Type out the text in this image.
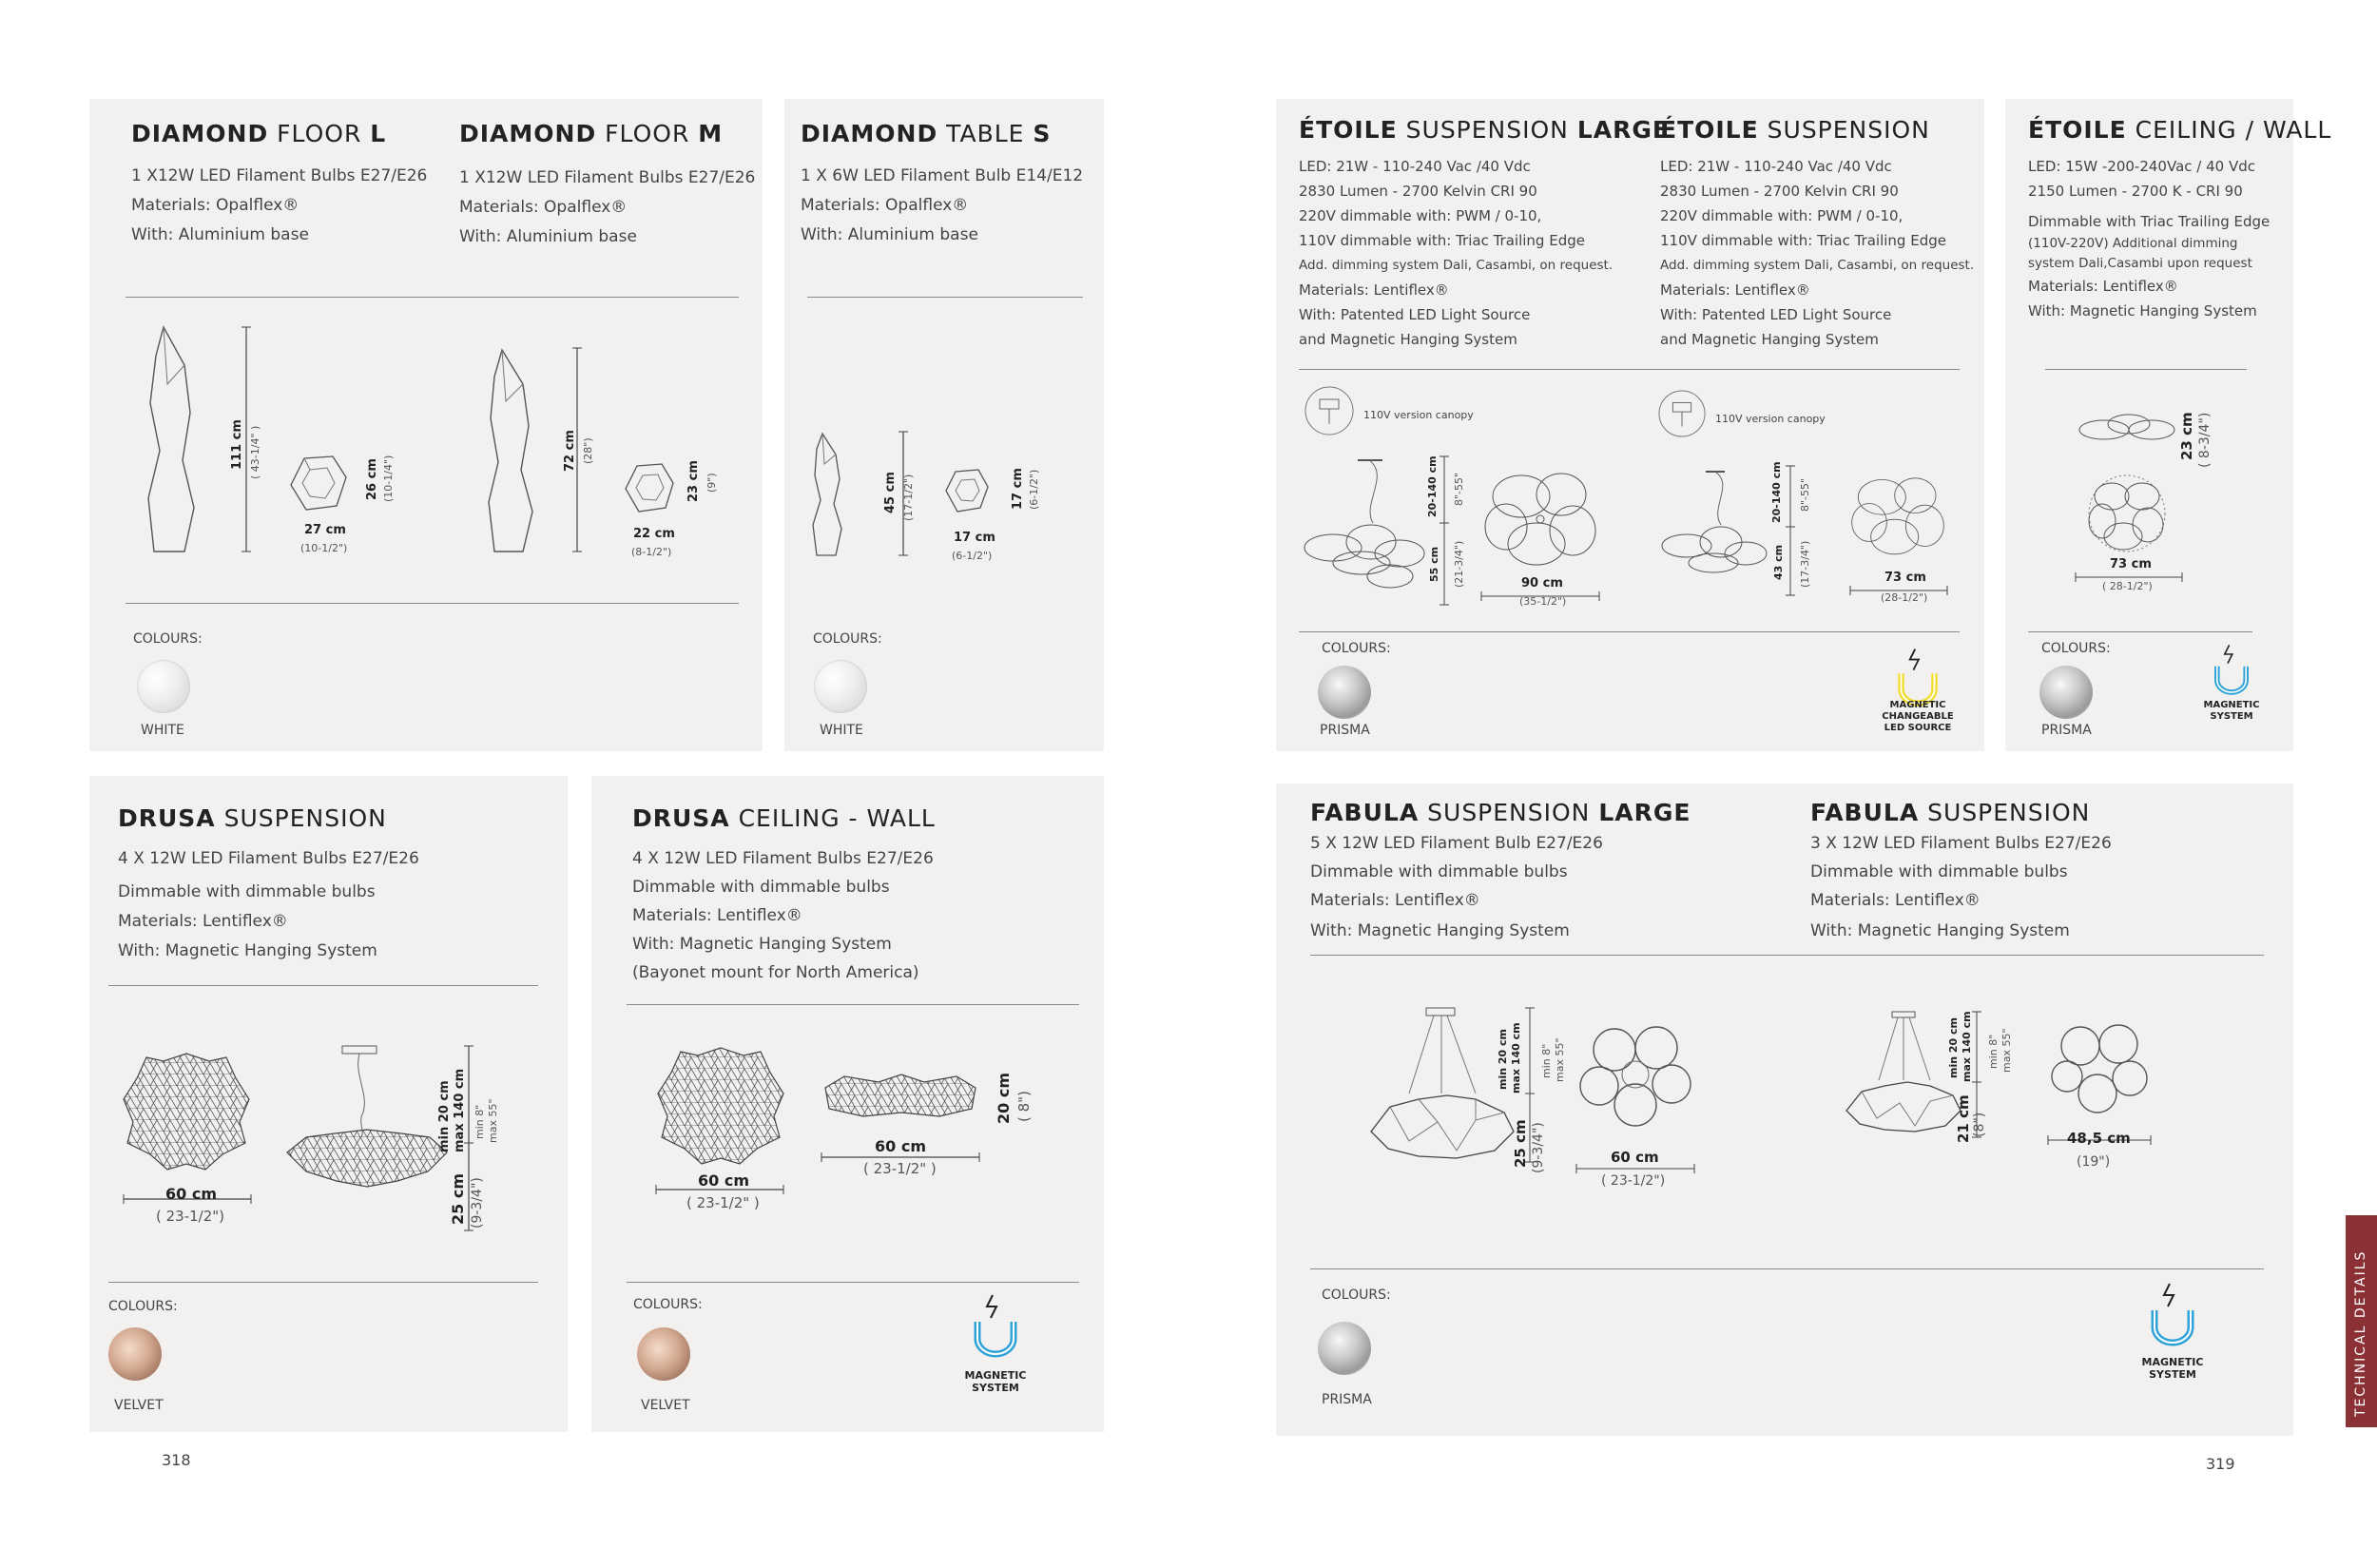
DIAMOND FLOOR L
1 X12W LED Filament Bulbs E27/E26
Materials: Opalflex®
With: Aluminium base
DIAMOND FLOOR M
1 X12W LED Filament Bulbs E27/E26
Materials: Opalflex®
With: Aluminium base
111 cm ( 43-1/4" )
26 cm (10-1/4")
27 cm
(10-1/2")
72 cm (28")
23 cm (9")
22 cm
(8-1/2")
COLOURS:
WHITE
DIAMOND TABLE S
1 X 6W LED Filament Bulb E14/E12
Materials: Opalflex®
With: Aluminium base
45 cm (17-1/2")	17 cm (6-1/2")
17 cm
(6-1/2")
COLOURS:
WHITE
DRUSA SUSPENSION
4 X 12W LED Filament Bulbs E27/E26
Dimmable with dimmable bulbs
Materials: Lentiflex®
With: Magnetic Hanging System
60 cm
( 23-1/2")
min 20 cm max 140 cm min 8" max 55"
25 cm (9-3/4")
COLOURS:
VELVET
DRUSA CEILING - WALL
4 X 12W LED Filament Bulbs E27/E26
Dimmable with dimmable bulbs
Materials: Lentiflex®
With: Magnetic Hanging System
(Bayonet mount for North America)
60 cm
( 23-1/2" )
60 cm
( 23-1/2" )
20 cm ( 8")
COLOURS:
VELVET
MAGNETIC
SYSTEM
318
ÉTOILE SUSPENSION LARGE
LED: 21W - 110-240 Vac /40 Vdc
2830 Lumen - 2700 Kelvin CRI 90
220V dimmable with: PWM / 0-10,
110V dimmable with: Triac Trailing Edge
Add. dimming system Dali, Casambi, on request.
Materials: Lentiflex®
With: Patented LED Light Source
and Magnetic Hanging System
ÉTOILE SUSPENSION
LED: 21W - 110-240 Vac /40 Vdc
2830 Lumen - 2700 Kelvin CRI 90
220V dimmable with: PWM / 0-10,
110V dimmable with: Triac Trailing Edge
Add. dimming system Dali, Casambi, on request.
Materials: Lentiflex®
With: Patented LED Light Source
and Magnetic Hanging System
110V version canopy
20-140 cm 8"-55"
55 cm (21-3/4")	90 cm
(35-1/2")
110V version canopy
20-140 cm 8"-55"
43 cm (17-3/4")	73 cm
(28-1/2")
COLOURS:
PRISMA
MAGNETIC
CHANGEABLE
LED SOURCE
ÉTOILE CEILING / WALL
LED: 15W -200-240Vac / 40 Vdc
2150 Lumen - 2700 K - CRI 90
Dimmable with Triac Trailing Edge
(110V-220V) Additional dimming
system Dali,Casambi upon request
Materials: Lentiflex®
With: Magnetic Hanging System
23 cm ( 8-3/4")
73 cm
( 28-1/2")
COLOURS:
PRISMA
MAGNETIC
SYSTEM
FABULA SUSPENSION LARGE
5 X 12W LED Filament Bulb E27/E26
Dimmable with dimmable bulbs
Materials: Lentiflex®
With: Magnetic Hanging System
FABULA SUSPENSION
3 X 12W LED Filament Bulbs E27/E26
Dimmable with dimmable bulbs
Materials: Lentiflex®
With: Magnetic Hanging System
min 20 cm max 140 cm min 8" max 55"
25 cm (9-3/4")	60 cm
( 23-1/2")
min 20 cm max 140 cm min 8" max 55"
21 cm (8")
48,5 cm
(19")
COLOURS:
PRISMA
MAGNETIC
SYSTEM
319
TECHNICAL DETAILS
